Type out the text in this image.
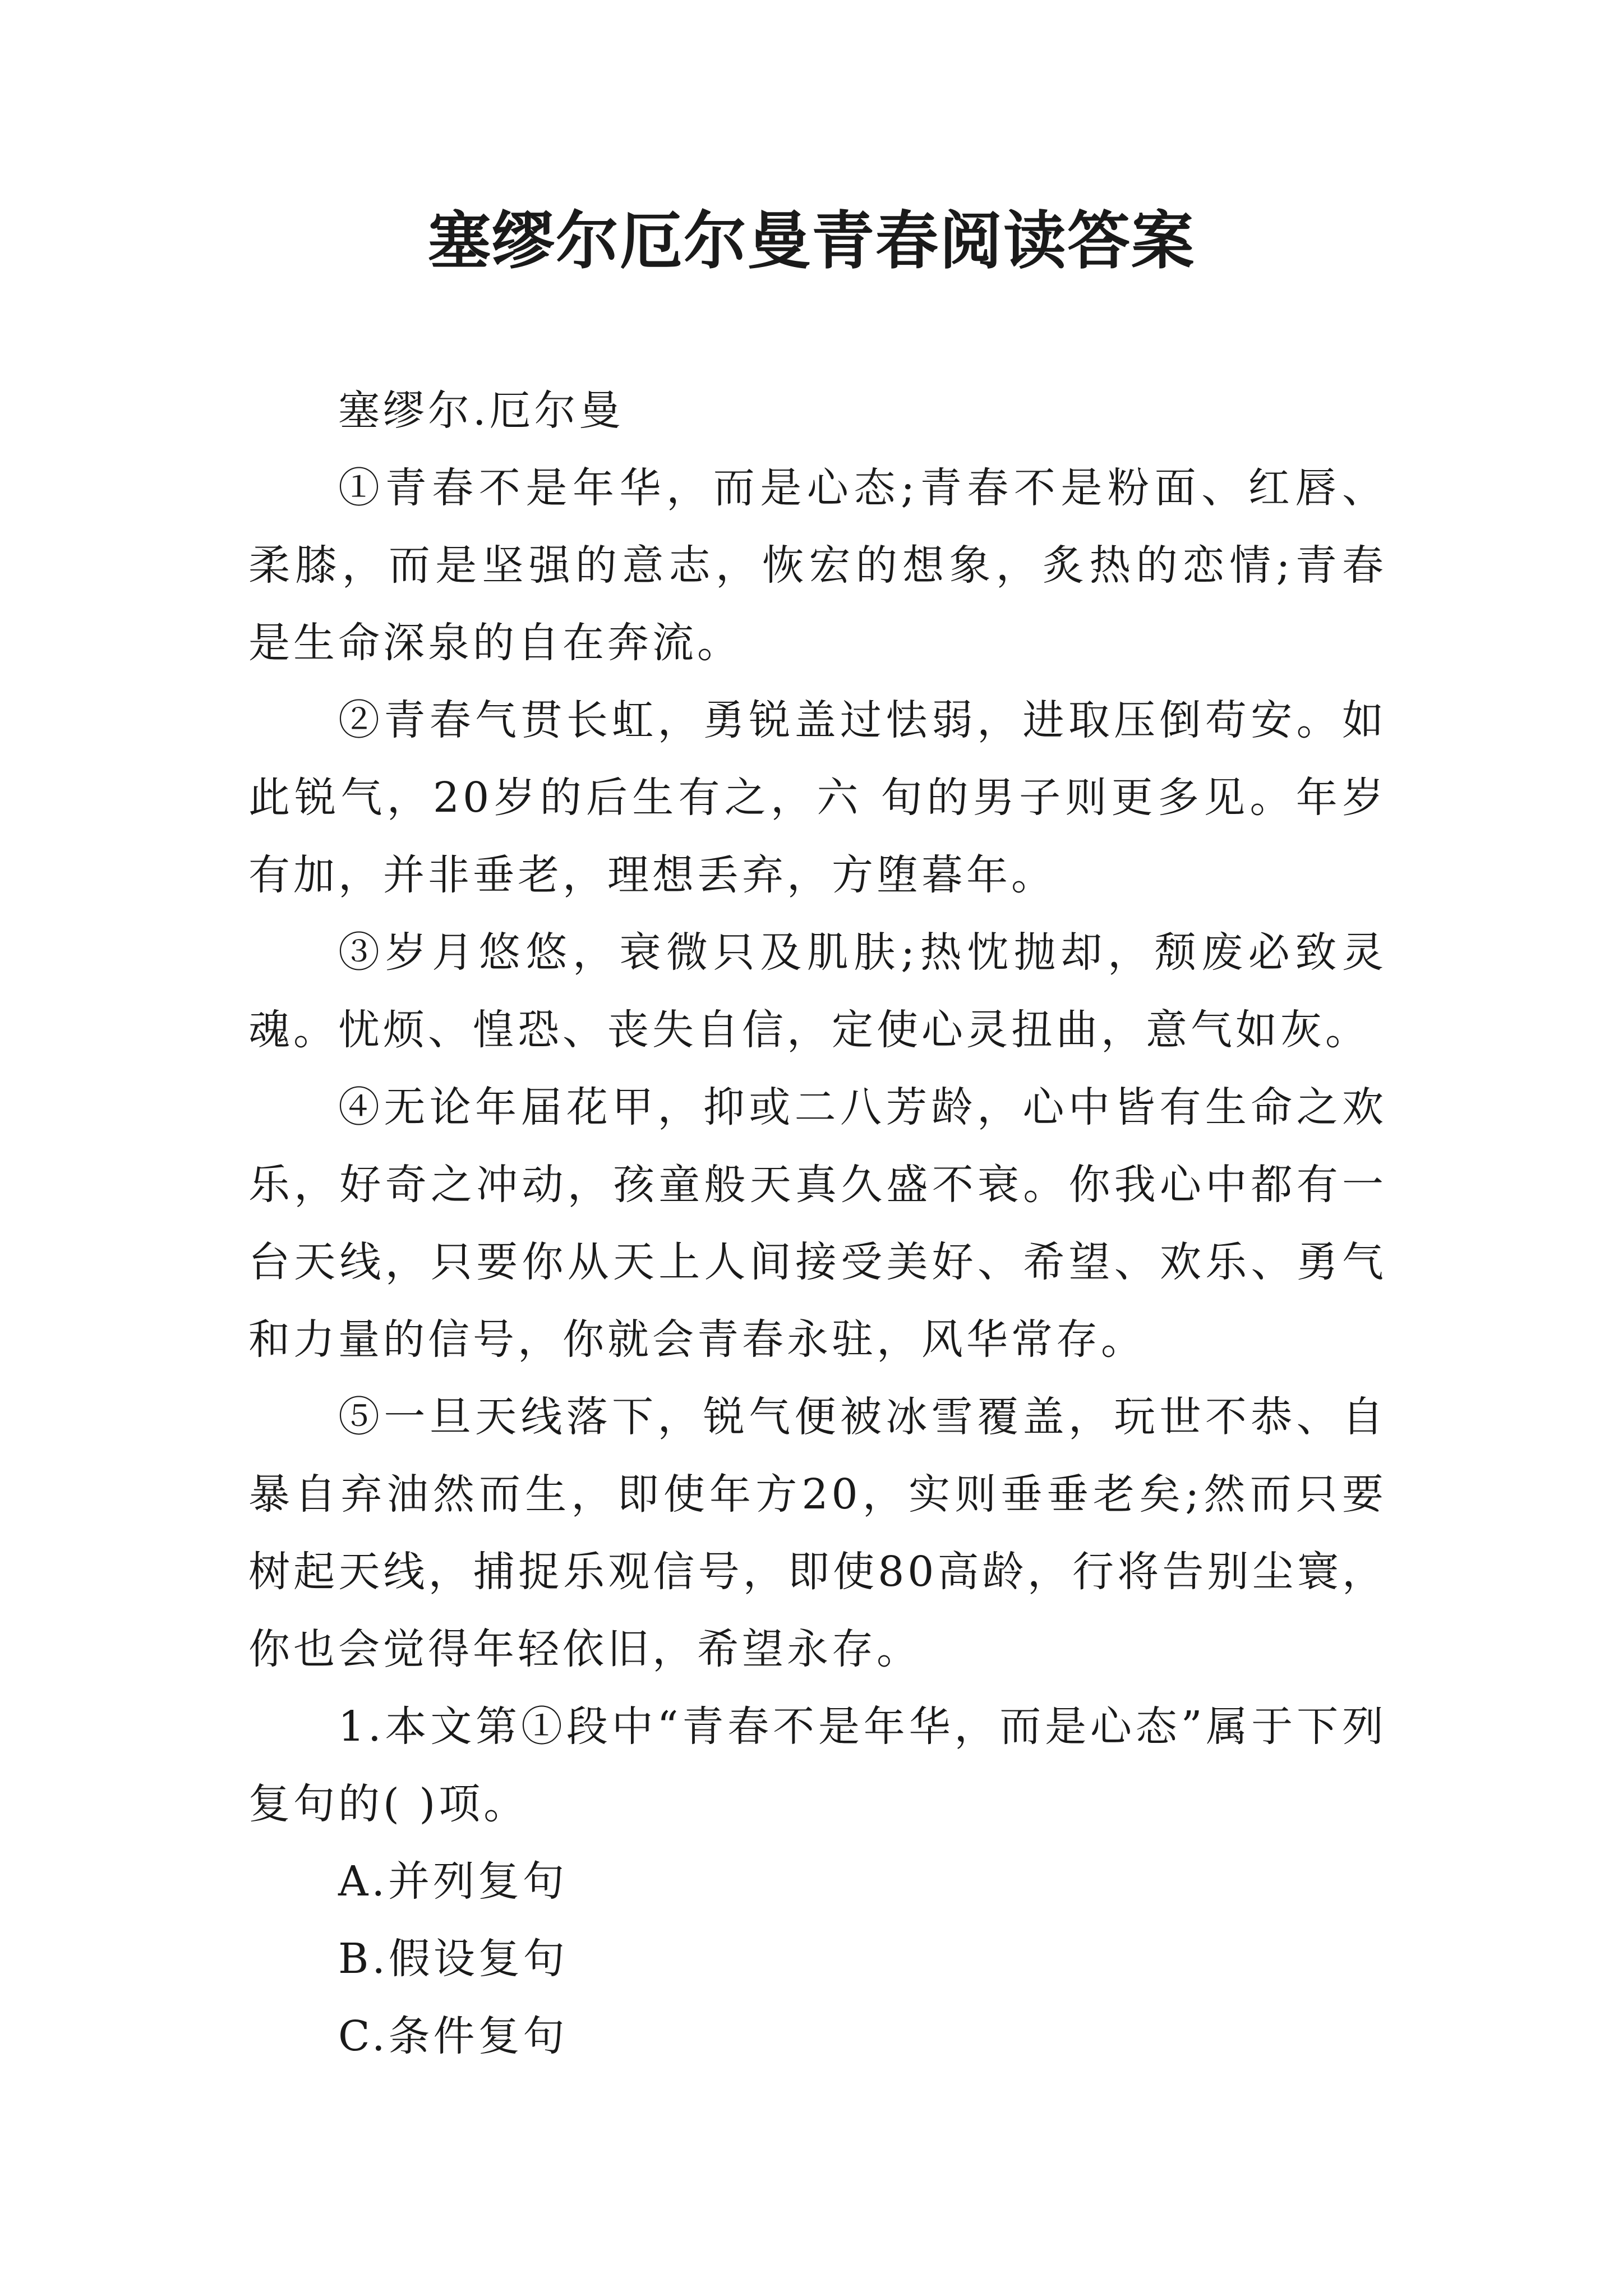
塞缪尔厄尔曼青春阅读答案

塞缪尔.厄尔曼

①青春不是年华，而是心态;青春不是粉面、红唇、柔膝，而是坚强的意志，恢宏的想象，炙热的恋情;青春是生命深泉的自在奔流。

②青春气贯长虹，勇锐盖过怯弱，进取压倒苟安。如此锐气，20岁的后生有之，六 旬的男子则更多见。年岁有加，并非垂老，理想丢弃，方堕暮年。

③岁月悠悠，衰微只及肌肤;热忱抛却，颓废必致灵魂。忧烦、惶恐、丧失自信，定使心灵扭曲，意气如灰。

④无论年届花甲，抑或二八芳龄，心中皆有生命之欢乐，好奇之冲动，孩童般天真久盛不衰。你我心中都有一台天线，只要你从天上人间接受美好、希望、欢乐、勇气和力量的信号，你就会青春永驻，风华常存。

⑤一旦天线落下，锐气便被冰雪覆盖，玩世不恭、自暴自弃油然而生，即使年方20，实则垂垂老矣;然而只要树起天线，捕捉乐观信号，即使80高龄，行将告别尘寰，你也会觉得年轻依旧，希望永存。

1.本文第①段中“青春不是年华，而是心态”属于下列复句的( )项。

A.并列复句

B.假设复句

C.条件复句
